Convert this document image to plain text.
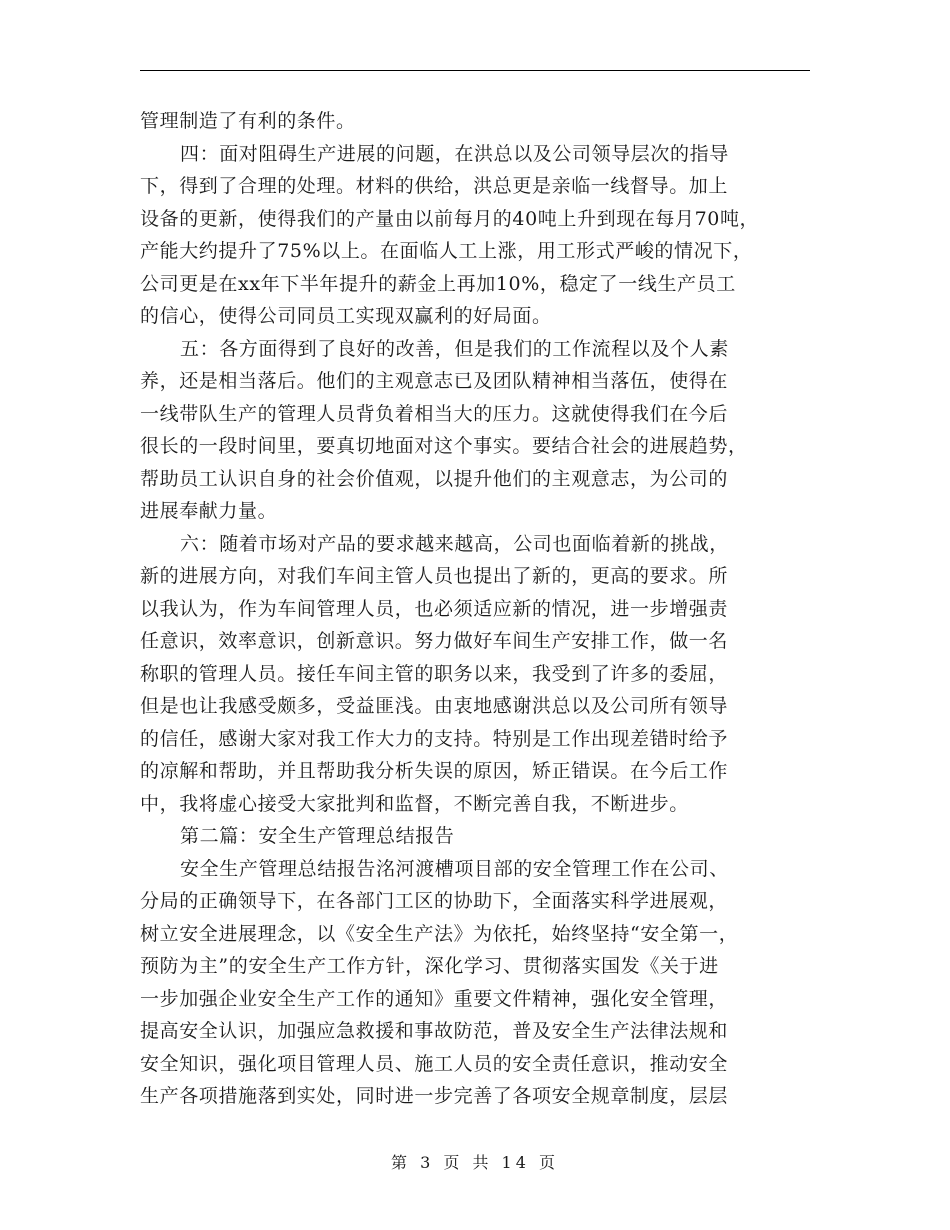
管理制造了有利的条件。
四：面对阻碍生产进展的问题，在洪总以及公司领导层次的指导
下，得到了合理的处理。材料的供给，洪总更是亲临一线督导。加上
设备的更新，使得我们的产量由以前每月的40吨上升到现在每月70吨，
产能大约提升了75%以上。在面临人工上涨，用工形式严峻的情况下，
公司更是在xx年下半年提升的薪金上再加10%，稳定了一线生产员工
的信心，使得公司同员工实现双赢利的好局面。
五：各方面得到了良好的改善，但是我们的工作流程以及个人素
养，还是相当落后。他们的主观意志已及团队精神相当落伍，使得在
一线带队生产的管理人员背负着相当大的压力。这就使得我们在今后
很长的一段时间里，要真切地面对这个事实。要结合社会的进展趋势，
帮助员工认识自身的社会价值观，以提升他们的主观意志，为公司的
进展奉献力量。
六：随着市场对产品的要求越来越高，公司也面临着新的挑战，
新的进展方向，对我们车间主管人员也提出了新的，更高的要求。所
以我认为，作为车间管理人员，也必须适应新的情况，进一步增强责
任意识，效率意识，创新意识。努力做好车间生产安排工作，做一名
称职的管理人员。接任车间主管的职务以来，我受到了许多的委屈，
但是也让我感受颇多，受益匪浅。由衷地感谢洪总以及公司所有领导
的信任，感谢大家对我工作大力的支持。特别是工作出现差错时给予
的凉解和帮助，并且帮助我分析失误的原因，矫正错误。在今后工作
中，我将虚心接受大家批判和监督，不断完善自我，不断进步。
第二篇：安全生产管理总结报告
安全生产管理总结报告洺河渡槽项目部的安全管理工作在公司、
分局的正确领导下，在各部门工区的协助下，全面落实科学进展观，
树立安全进展理念，以《安全生产法》为依托，始终坚持“安全第一，
预防为主”的安全生产工作方针，深化学习、贯彻落实国发《关于进
一步加强企业安全生产工作的通知》重要文件精神，强化安全管理，
提高安全认识，加强应急救援和事故防范，普及安全生产法律法规和
安全知识，强化项目管理人员、施工人员的安全责任意识，推动安全
生产各项措施落到实处，同时进一步完善了各项安全规章制度，层层
第 3 页 共 14 页
